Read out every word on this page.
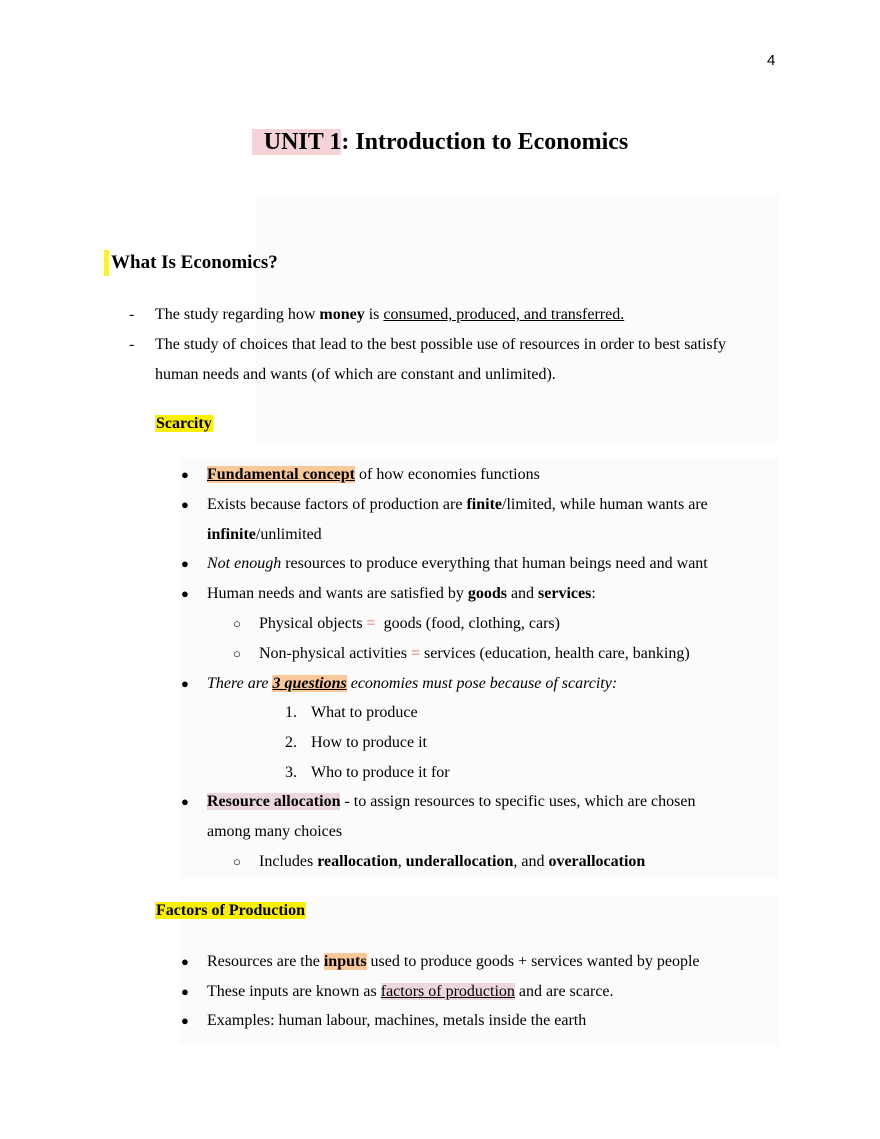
4
UNIT 1: Introduction to Economics
What Is Economics?
- The study regarding how money is consumed, produced, and transferred.
- The study of choices that lead to the best possible use of resources in order to best satisfy
human needs and wants (of which are constant and unlimited).
Scarcity
● Fundamental concept of how economies functions
● Exists because factors of production are finite/limited, while human wants are
infinite/unlimited
● Not enough resources to produce everything that human beings need and want
● Human needs and wants are satisfied by goods and services:
○ Physical objects =  goods (food, clothing, cars)
○ Non-physical activities = services (education, health care, banking)
● There are 3 questions economies must pose because of scarcity:
1. What to produce
2. How to produce it
3. Who to produce it for
● Resource allocation - to assign resources to specific uses, which are chosen
among many choices
○ Includes reallocation, underallocation, and overallocation
Factors of Production
● Resources are the inputs used to produce goods + services wanted by people
● These inputs are known as factors of production and are scarce.
● Examples: human labour, machines, metals inside the earth
